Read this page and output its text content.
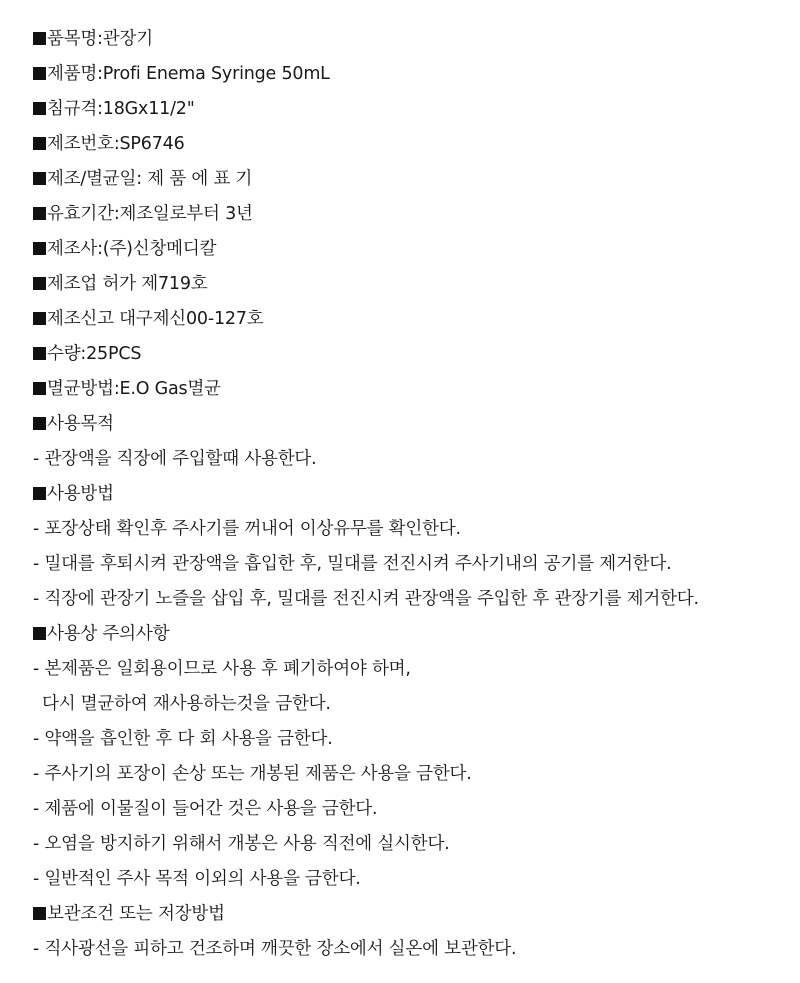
품목명:관장기
제품명:Profi Enema Syringe 50mL
침규격:18Gx11/2"
제조번호:SP6746
제조/멸균일: 제 품 에 표 기
유효기간:제조일로부터 3년
제조사:(주)신창메디칼
제조업 허가 제719호
제조신고 대구제신00-127호
수량:25PCS
멸균방법:E.O Gas멸균
사용목적
- 관장액을 직장에 주입할때 사용한다.
사용방법
- 포장상태 확인후 주사기를 꺼내어 이상유무를 확인한다.
- 밀대를 후퇴시켜 관장액을 흡입한 후, 밀대를 전진시켜 주사기내의 공기를 제거한다.
- 직장에 관장기 노즐을 삽입 후, 밀대를 전진시켜 관장액을 주입한 후 관장기를 제거한다.
사용상 주의사항
- 본제품은 일회용이므로 사용 후 폐기하여야 하며,
다시 멸균하여 재사용하는것을 금한다.
- 약액을 흡인한 후 다 회 사용을 금한다.
- 주사기의 포장이 손상 또는 개봉된 제품은 사용을 금한다.
- 제품에 이물질이 들어간 것은 사용을 금한다.
- 오염을 방지하기 위해서 개봉은 사용 직전에 실시한다.
- 일반적인 주사 목적 이외의 사용을 금한다.
보관조건 또는 저장방법
- 직사광선을 피하고 건조하며 깨끗한 장소에서 실온에 보관한다.
